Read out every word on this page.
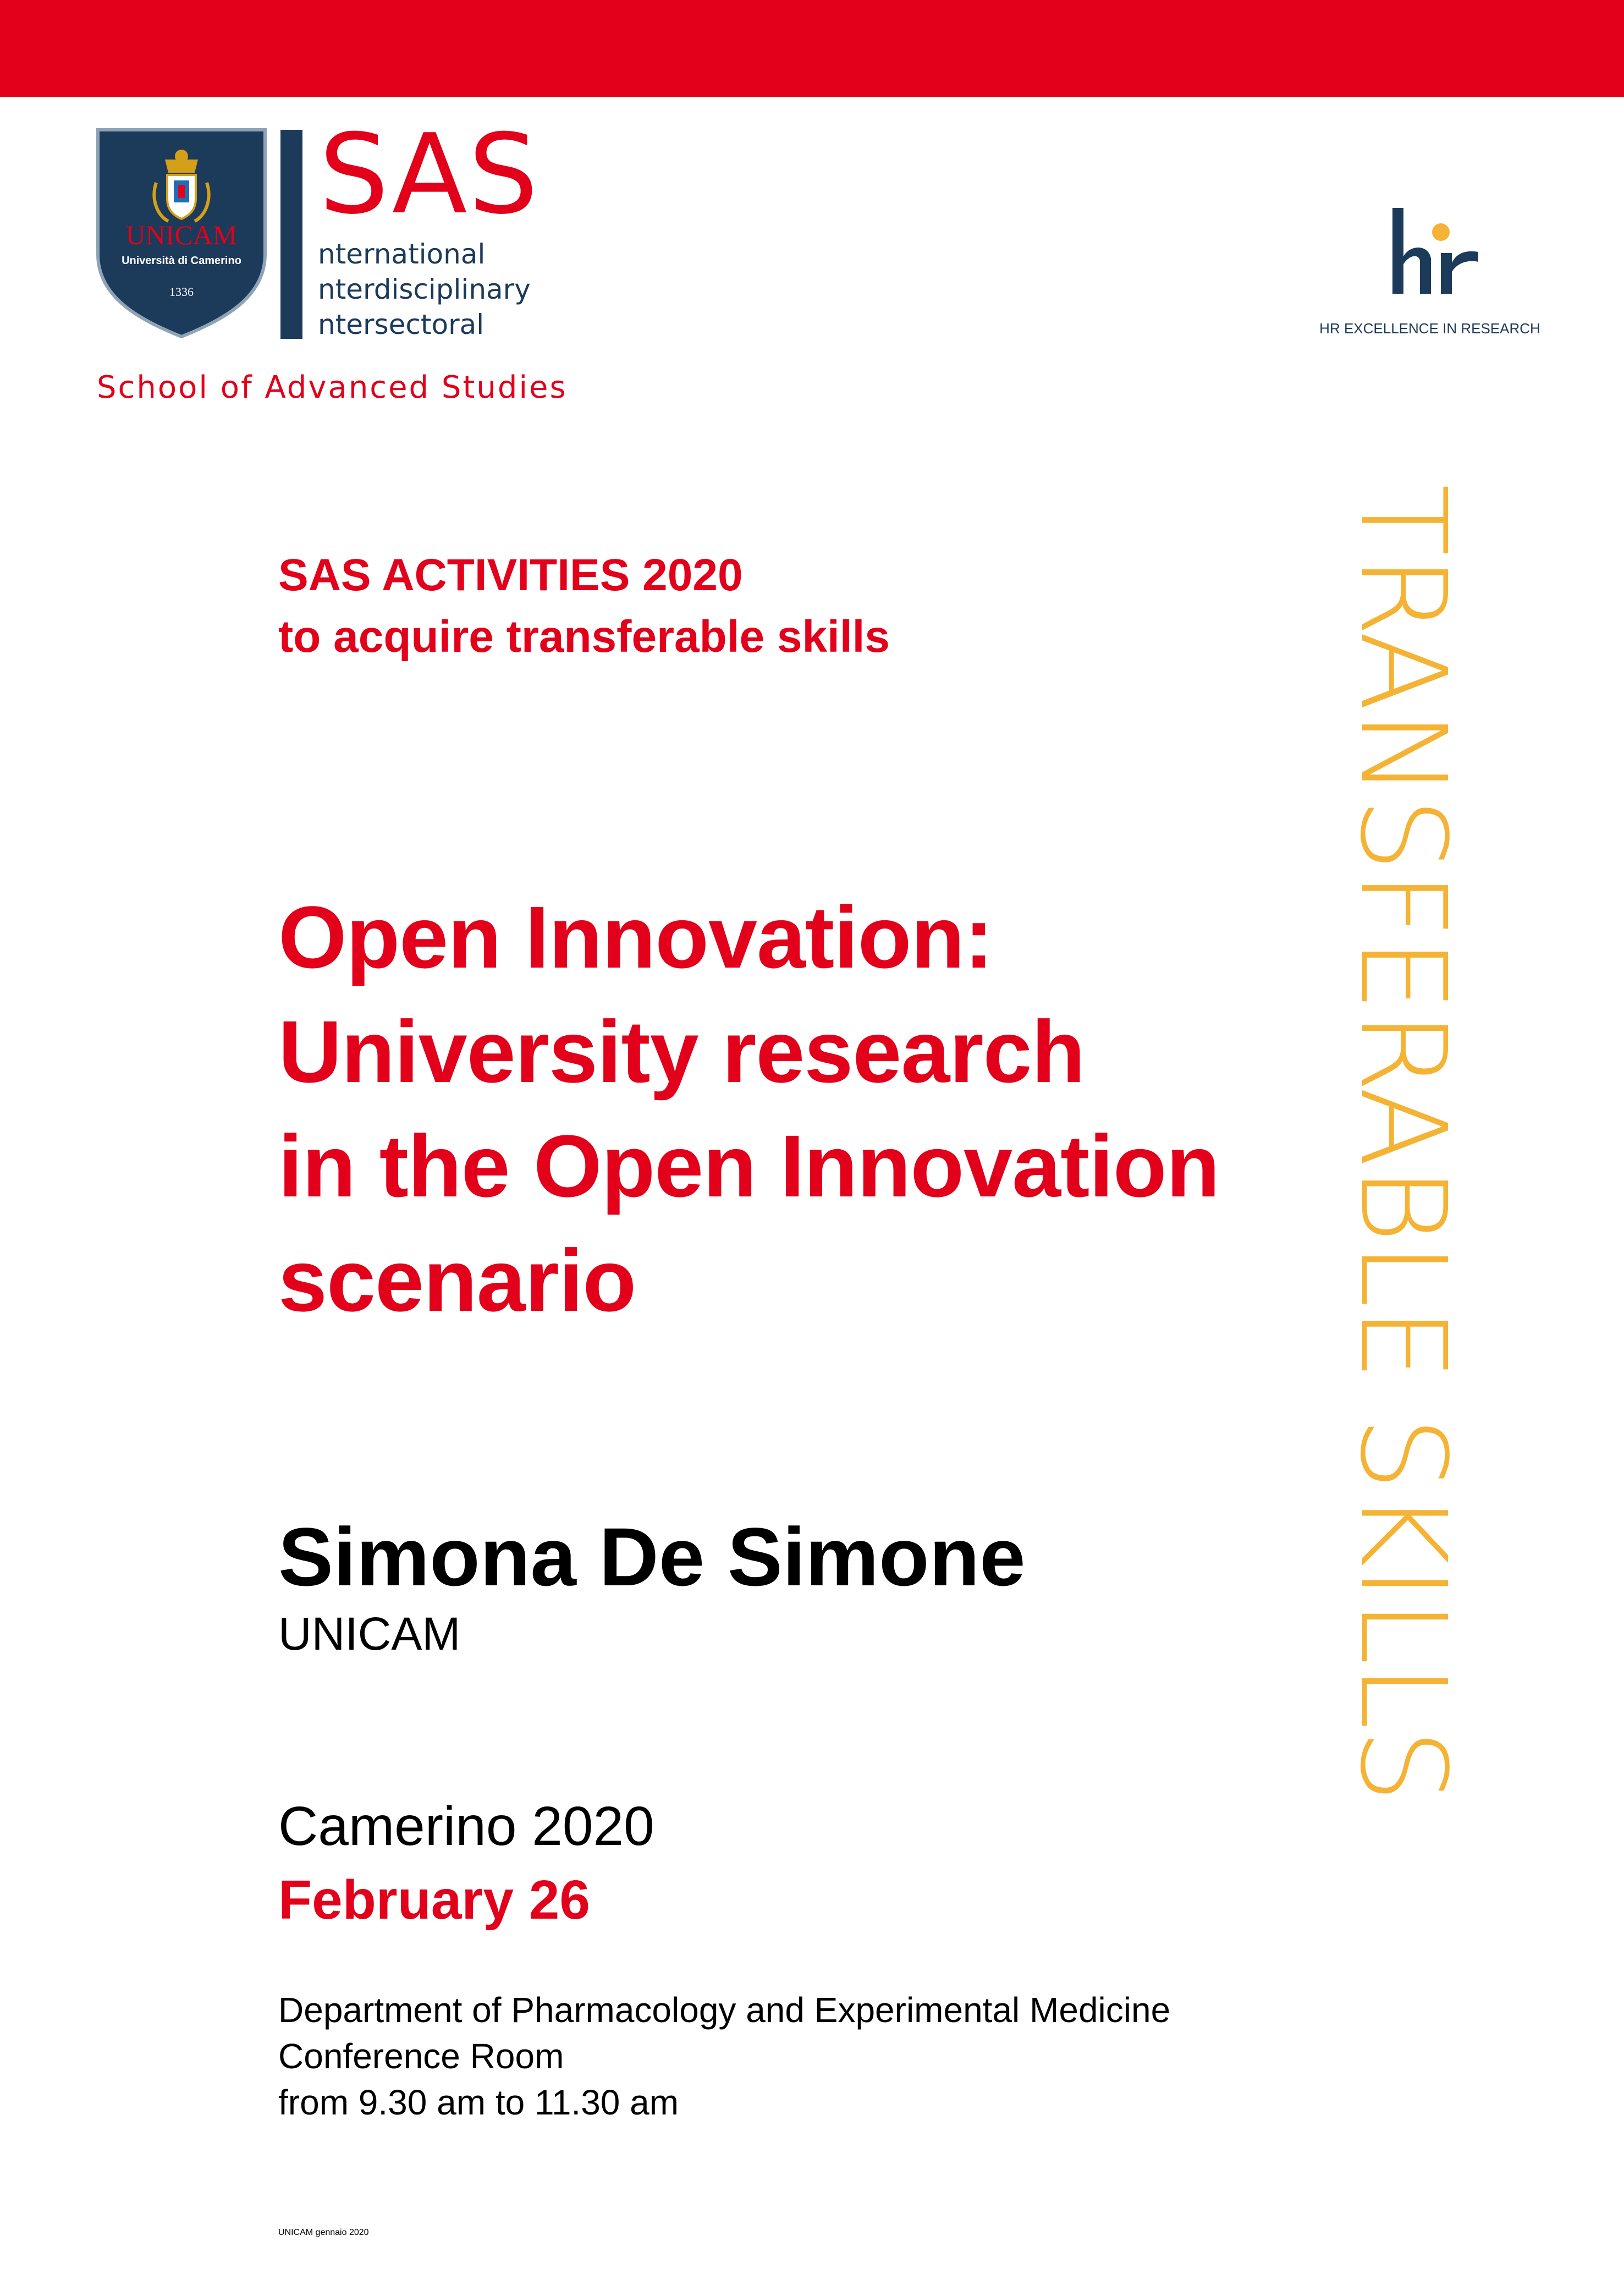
UNICAM
Università di Camerino
1336
SAS
nternational
nterdisciplinary
ntersectoral
School of Advanced Studies
HR EXCELLENCE IN RESEARCH
TRANSFERABLE SKILLS
SAS ACTIVITIES 2020
to acquire transferable skills
Open Innovation:
University research
in the Open Innovation
scenario
Simona De Simone
UNICAM
Camerino 2020
February 26
Department of Pharmacology and Experimental Medicine
Conference Room
from 9.30 am to 11.30 am
UNICAM gennaio 2020
